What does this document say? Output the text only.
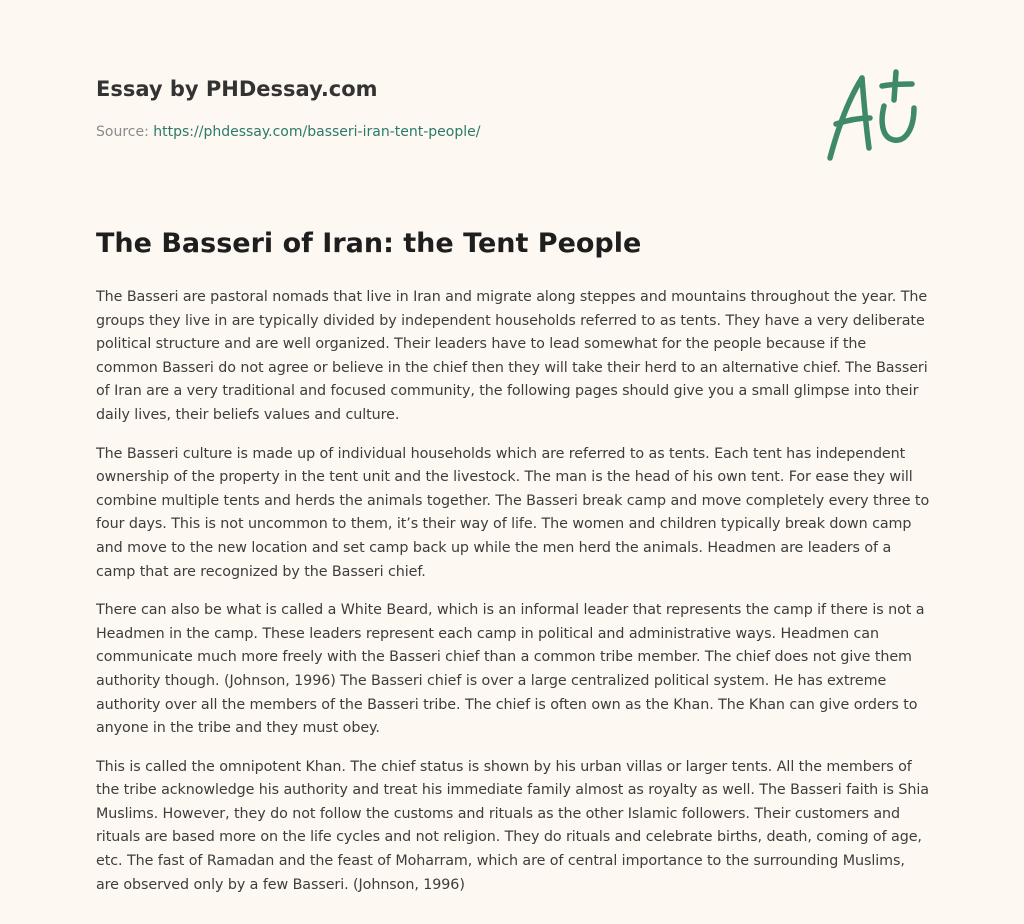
Essay by PHDessay.com
Source: https://phdessay.com/basseri-iran-tent-people/
The Basseri of Iran: the Tent People

The Basseri are pastoral nomads that live in Iran and migrate along steppes and mountains throughout the year. The groups they live in are typically divided by independent households referred to as tents. They have a very deliberate political structure and are well organized. Their leaders have to lead somewhat for the people because if the common Basseri do not agree or believe in the chief then they will take their herd to an alternative chief. The Basseri of Iran are a very traditional and focused community, the following pages should give you a small glimpse into their daily lives, their beliefs values and culture.

The Basseri culture is made up of individual households which are referred to as tents. Each tent has independent ownership of the property in the tent unit and the livestock. The man is the head of his own tent. For ease they will combine multiple tents and herds the animals together. The Basseri break camp and move completely every three to four days. This is not uncommon to them, it’s their way of life. The women and children typically break down camp and move to the new location and set camp back up while the men herd the animals. Headmen are leaders of a camp that are recognized by the Basseri chief.

There can also be what is called a White Beard, which is an informal leader that represents the camp if there is not a Headmen in the camp. These leaders represent each camp in political and administrative ways. Headmen can communicate much more freely with the Basseri chief than a common tribe member. The chief does not give them authority though. (Johnson, 1996) The Basseri chief is over a large centralized political system. He has extreme authority over all the members of the Basseri tribe. The chief is often own as the Khan. The Khan can give orders to anyone in the tribe and they must obey.

This is called the omnipotent Khan. The chief status is shown by his urban villas or larger tents. All the members of the tribe acknowledge his authority and treat his immediate family almost as royalty as well. The Basseri faith is Shia Muslims. However, they do not follow the customs and rituals as the other Islamic followers. Their customers and rituals are based more on the life cycles and not religion. They do rituals and celebrate births, death, coming of age, etc. The fast of Ramadan and the feast of Moharram, which are of central importance to the surrounding Muslims, are observed only by a few Basseri. (Johnson, 1996)
